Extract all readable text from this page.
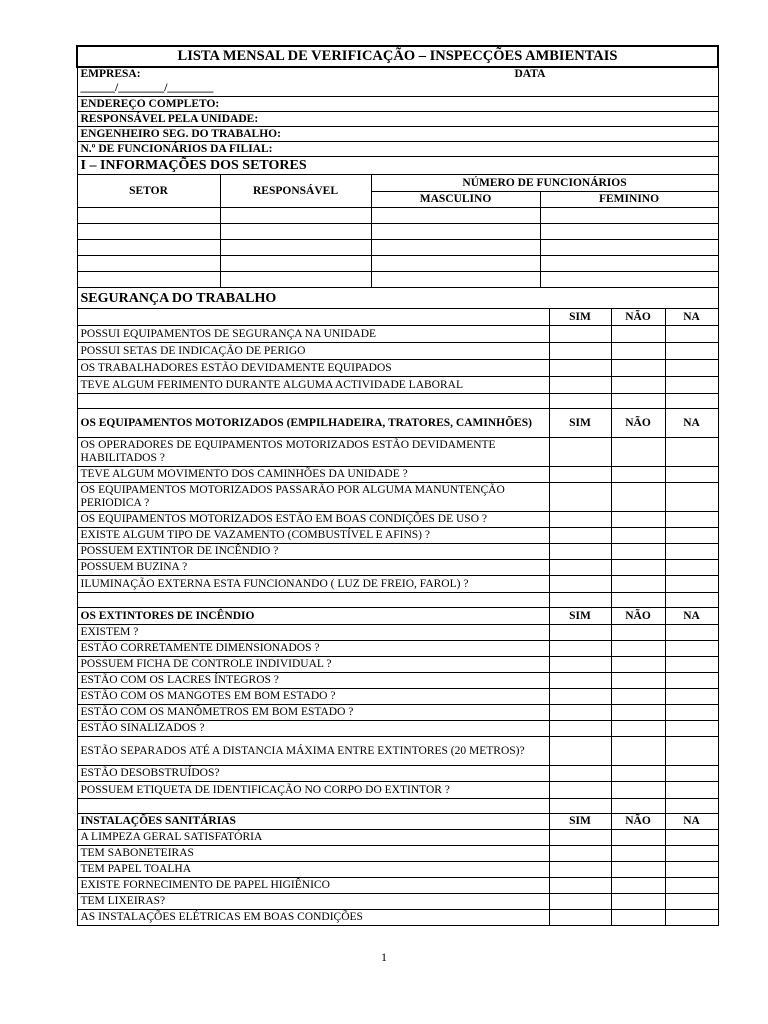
LISTA MENSAL DE VERIFICAÇÃO – INSPECÇÕES AMBIENTAIS						

EMPRESA: DATA
______/________/________						

ENDEREÇO COMPLETO:						
RESPONSÁVEL PELA UNIDADE:						
ENGENHEIRO SEG. DO TRABALHO:						
N.º DE FUNCIONÁRIOS DA FILIAL:						
I – INFORMAÇÕES DOS SETORES						
SETOR	RESPONSÁVEL	NÚMERO DE FUNCIONÁRIOS				
		MASCULINO	FEMININO			

SEGURANÇA DO TRABALHO						
				SIM	NÃO	NA
POSSUI EQUIPAMENTOS DE SEGURANÇA NA UNIDADE						
POSSUI SETAS DE INDICAÇÃO DE PERIGO						
OS TRABALHADORES ESTÃO DEVIDAMENTE EQUIPADOS						
TEVE ALGUM FERIMENTO DURANTE ALGUMA ACTIVIDADE LABORAL						

OS EQUIPAMENTOS MOTORIZADOS (EMPILHADEIRA, TRATORES, CAMINHÕES)				SIM	NÃO	NA
OS OPERADORES DE EQUIPAMENTOS MOTORIZADOS ESTÃO DEVIDAMENTE HABILITADOS ?						
TEVE ALGUM MOVIMENTO DOS CAMINHÕES DA UNIDADE ?						
OS EQUIPAMENTOS MOTORIZADOS PASSARÃO POR ALGUMA MANUNTENÇÃO PERIODICA ?						
OS EQUIPAMENTOS MOTORIZADOS ESTÃO EM BOAS CONDIÇÕES DE USO ?						
EXISTE ALGUM TIPO DE VAZAMENTO (COMBUSTÍVEL E AFINS) ?						
POSSUEM EXTINTOR DE INCÊNDIO ?						
POSSUEM BUZINA ?						
ILUMINAÇÃO EXTERNA ESTA FUNCIONANDO ( LUZ DE FREIO, FAROL) ?						

OS EXTINTORES DE INCÊNDIO				SIM	NÃO	NA
EXISTEM ?						
ESTÃO CORRETAMENTE DIMENSIONADOS ?						
POSSUEM FICHA DE CONTROLE INDIVIDUAL ?						
ESTÃO COM OS LACRES ÍNTEGROS ?						
ESTÃO COM OS MANGOTES EM BOM ESTADO ?						
ESTÃO COM OS MANÔMETROS EM BOM ESTADO ?						
ESTÃO SINALIZADOS ?						
ESTÃO SEPARADOS ATÉ A DISTANCIA MÁXIMA ENTRE EXTINTORES (20 METROS)?						
ESTÃO DESOBSTRUÍDOS?						
POSSUEM ETIQUETA DE IDENTIFICAÇÃO NO CORPO DO EXTINTOR ?						

INSTALAÇÕES SANITÁRIAS				SIM	NÃO	NA
A LIMPEZA GERAL SATISFATÓRIA						
TEM SABONETEIRAS						
TEM PAPEL TOALHA						
EXISTE FORNECIMENTO DE PAPEL HIGIÊNICO						
TEM LIXEIRAS?						
AS INSTALAÇÕES ELÉTRICAS EM BOAS CONDIÇÕES						
1
